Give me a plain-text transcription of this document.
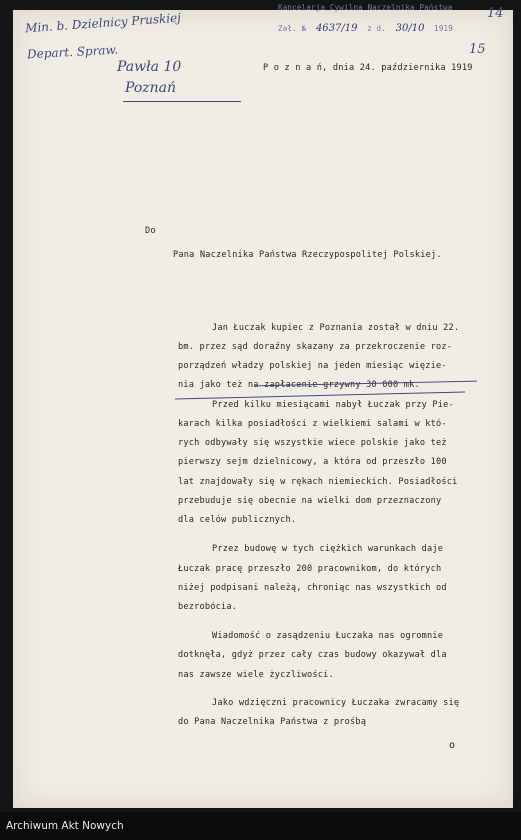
Min. b. Dzielnicy Pruskiej
Depart. Spraw.
Pawła 10
Poznań
14
15
Kancelarja Cywilna Naczelnika Państwa
Zał. № 4637/19 z d. 30/10 1919
P o z n a ń, dnia 24. października 1919
Do
Pana Naczelnika Państwa Rzeczypospolitej Polskiej.
Jan Łuczak kupiec z Poznania został w dniu 22.
bm. przez sąd doraźny skazany za przekroczenie roz-
porządzeń władzy polskiej na jeden miesiąc więzie-
nia jako też na zapłacenie grzywny 30 000 mk.
Przed kilku miesiącami nabył Łuczak przy Pie-
karach kilka posiadłości z wielkiemi salami w któ-
rych odbywały się wszystkie wiece polskie jako też
pierwszy sejm dzielnicowy, a która od przeszło 100
lat znajdowały się w rękach niemieckich. Posiadłości
przebuduje się obecnie na wielki dom przeznaczony
dla celów publicznych.
Przez budowę w tych ciężkich warunkach daje
Łuczak pracę przeszło 200 pracownikom, do których
niżej podpisani należą, chroniąc nas wszystkich od
bezrobócia.
Wiadomość o zasądzeniu Łuczaka nas ogromnie
dotknęła, gdyż przez cały czas budowy okazywał dla
nas zawsze wiele życzliwości.
Jako wdzięczni pracownicy Łuczaka zwracamy się
do Pana Naczelnika Państwa z prośbą
o
Archiwum Akt Nowych
